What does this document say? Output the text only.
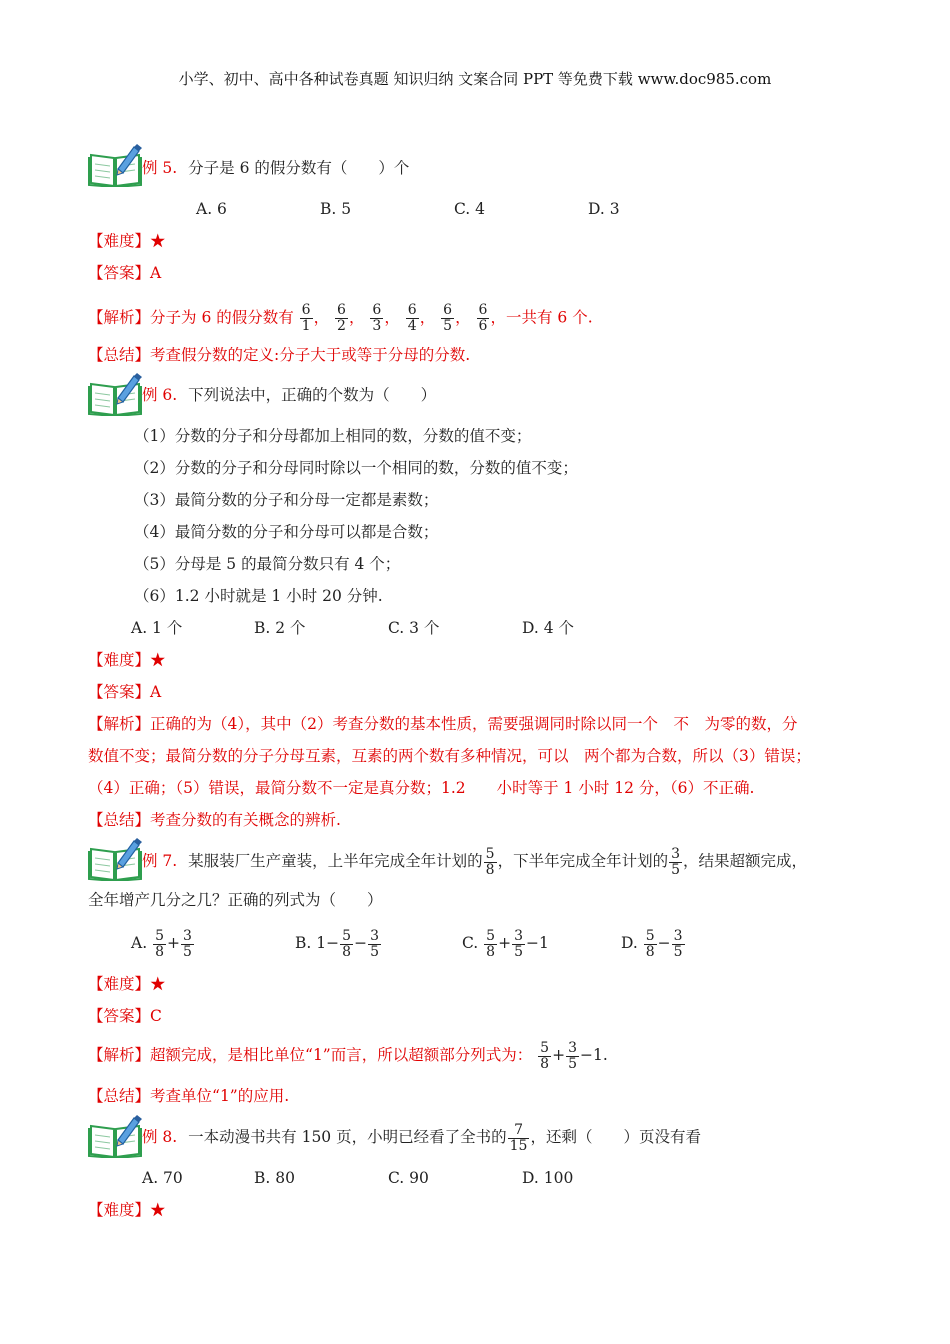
小学、初中、高中各种试卷真题 知识归纳 文案合同 PPT 等免费下载 www.doc985.com
例 5. 分子是 6 的假分数有（　　）个
A. 6	B. 5	C. 4	D. 3
【难度】★
【答案】A
【解析】分子为 6 的假分数有 $\frac{6}{1}$ ， $\frac{6}{2}$ ， $\frac{6}{3}$ ， $\frac{6}{4}$ ， $\frac{6}{5}$ ， $\frac{6}{6}$ ，一共有 6 个.
【总结】考查假分数的定义:分子大于或等于分母的分数.
例 6. 下列说法中，正确的个数为（　　）
（1）分数的分子和分母都加上相同的数，分数的值不变；
（2）分数的分子和分母同时除以一个相同的数，分数的值不变；
（3）最简分数的分子和分母一定都是素数；
（4）最简分数的分子和分母可以都是合数；
（5）分母是 5 的最简分数只有 4 个；
（6）1.2 小时就是 1 小时 20 分钟.
A. 1 个	B. 2 个	C. 3 个	D. 4 个
【难度】★
【答案】A
【解析】正确的为（4），其中（2）考查分数的基本性质，需要强调同时除以同一个　不　为零的数，分
数值不变；最简分数的分子分母互素，互素的两个数有多种情况，可以　两个都为合数，所以（3）错误；
（4）正确；（5）错误，最简分数不一定是真分数；1.2　　小时等于 1 小时 12 分，（6）不正确.
【总结】考查分数的有关概念的辨析.
例 7. 某服装厂生产童装，上半年完成全年计划的 $\frac{5}{8}$ ，下半年完成全年计划的 $\frac{3}{5}$ ，结果超额完成，
全年增产几分之几？正确的列式为（　　）
A. $\frac{5}{8} + \frac{3}{5}$	B. $1- \frac{5}{8} - \frac{3}{5}$	C. $\frac{5}{8} + \frac{3}{5} -1$	D. $\frac{5}{8} - \frac{3}{5}$
【难度】★
【答案】C
【解析】超额完成，是相比单位“1”而言，所以超额部分列式为： $\frac{5}{8} + \frac{3}{5} -1$.
【总结】考查单位“1”的应用.
例 8. 一本动漫书共有 150 页，小明已经看了全书的 $\frac{7}{15}$ ，还剩（　　）页没有看
A. 70	B. 80	C. 90	D. 100
【难度】★
